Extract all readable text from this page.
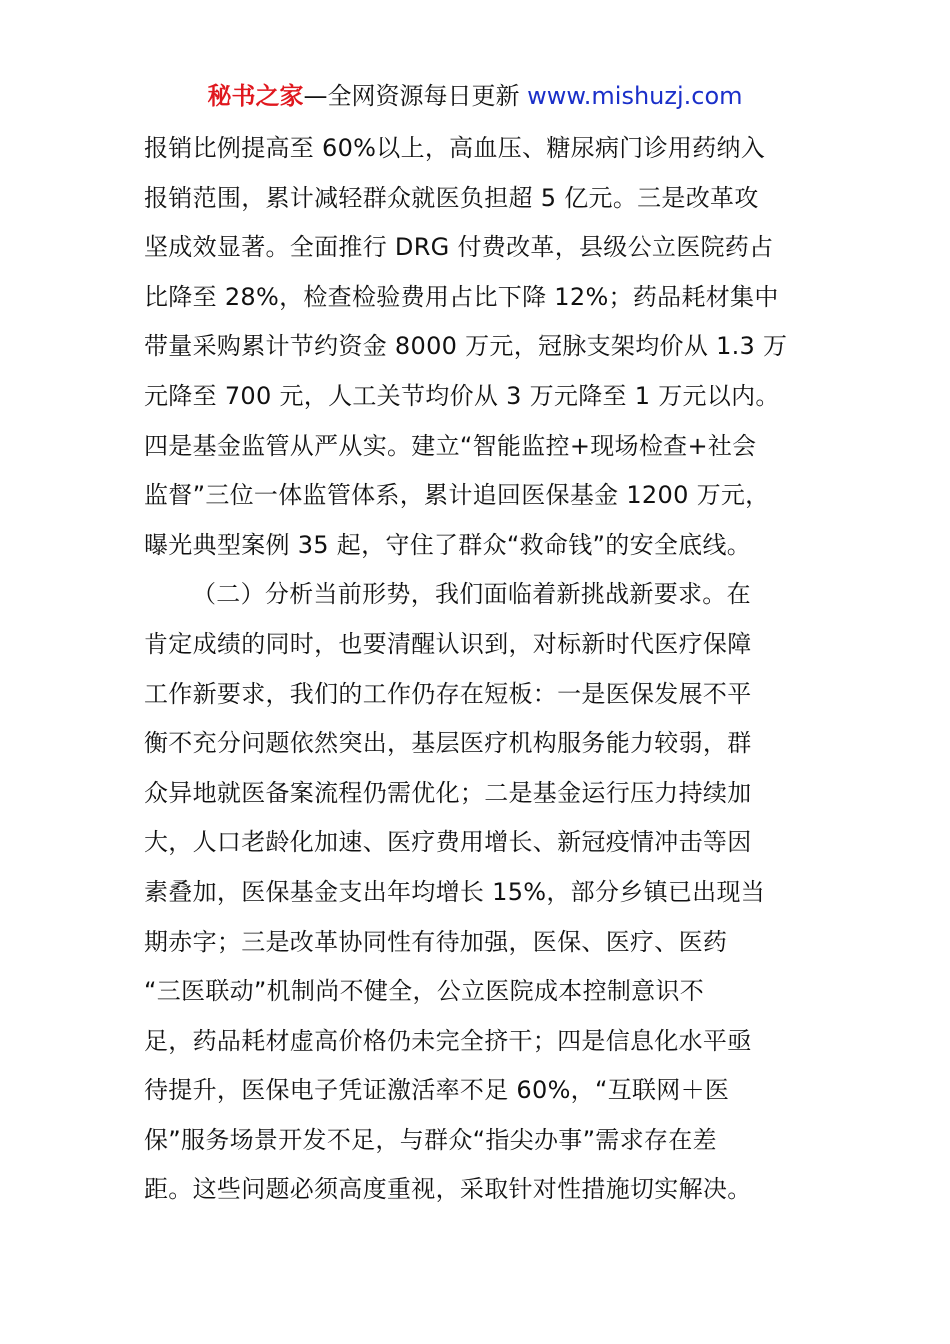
秘书之家—全网资源每日更新 www.mishuzj.com
报销比例提高至 60%以上，高血压、糖尿病门诊用药纳入
报销范围，累计减轻群众就医负担超 5 亿元。三是改革攻
坚成效显著。全面推行 DRG 付费改革，县级公立医院药占
比降至 28%，检查检验费用占比下降 12%；药品耗材集中
带量采购累计节约资金 8000 万元，冠脉支架均价从 1.3 万
元降至 700 元，人工关节均价从 3 万元降至 1 万元以内。
四是基金监管从严从实。建立“智能监控+现场检查+社会
监督”三位一体监管体系，累计追回医保基金 1200 万元，
曝光典型案例 35 起，守住了群众“救命钱”的安全底线。
（二）分析当前形势，我们面临着新挑战新要求。在
肯定成绩的同时，也要清醒认识到，对标新时代医疗保障
工作新要求，我们的工作仍存在短板：一是医保发展不平
衡不充分问题依然突出，基层医疗机构服务能力较弱，群
众异地就医备案流程仍需优化；二是基金运行压力持续加
大，人口老龄化加速、医疗费用增长、新冠疫情冲击等因
素叠加，医保基金支出年均增长 15%，部分乡镇已出现当
期赤字；三是改革协同性有待加强，医保、医疗、医药
“三医联动”机制尚不健全，公立医院成本控制意识不
足，药品耗材虚高价格仍未完全挤干；四是信息化水平亟
待提升，医保电子凭证激活率不足 60%，“互联网＋医
保”服务场景开发不足，与群众“指尖办事”需求存在差
距。这些问题必须高度重视，采取针对性措施切实解决。
